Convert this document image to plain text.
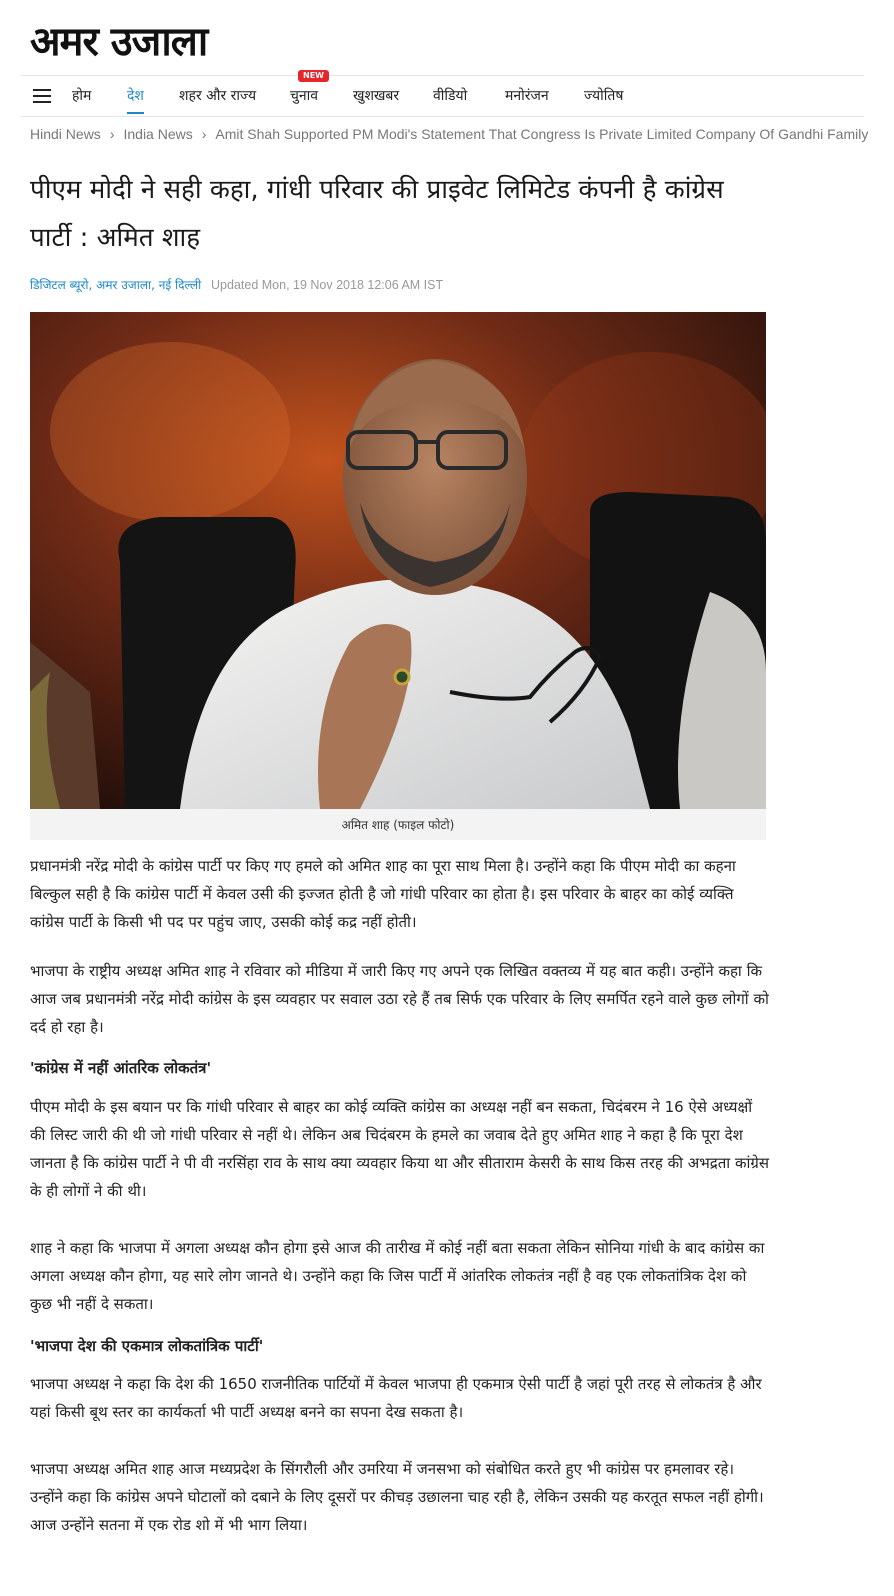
अमर उजाला
होम	देश	शहर और राज्य
NEW
चुनाव खुशखबर वीडियो	मनोरंजन	ज्योतिष
Hindi News › India News › Amit Shah Supported PM Modi's Statement That Congress Is Private Limited Company Of Gandhi Family
पीएम मोदी ने सही कहा, गांधी परिवार की प्राइवेट लिमिटेड कंपनी है कांग्रेस पार्टी : अमित शाह
डिजिटल ब्यूरो, अमर उजाला, नई दिल्ली Updated Mon, 19 Nov 2018 12:06 AM IST
अमित शाह (फाइल फोटो)

प्रधानमंत्री नरेंद्र मोदी के कांग्रेस पार्टी पर किए गए हमले को अमित शाह का पूरा साथ मिला है। उन्होंने कहा कि पीएम मोदी का कहना बिल्कुल सही है कि कांग्रेस पार्टी में केवल उसी की इज्जत होती है जो गांधी परिवार का होता है। इस परिवार के बाहर का कोई व्यक्ति कांग्रेस पार्टी के किसी भी पद पर पहुंच जाए, उसकी कोई कद्र नहीं होती।

भाजपा के राष्ट्रीय अध्यक्ष अमित शाह ने रविवार को मीडिया में जारी किए गए अपने एक लिखित वक्तव्य में यह बात कही। उन्होंने कहा कि आज जब प्रधानमंत्री नरेंद्र मोदी कांग्रेस के इस व्यवहार पर सवाल उठा रहे हैं तब सिर्फ एक परिवार के लिए समर्पित रहने वाले कुछ लोगों को दर्द हो रहा है।

'कांग्रेस में नहीं आंतरिक लोकतंत्र'

पीएम मोदी के इस बयान पर कि गांधी परिवार से बाहर का कोई व्यक्ति कांग्रेस का अध्यक्ष नहीं बन सकता, चिदंबरम ने 16 ऐसे अध्यक्षों की लिस्ट जारी की थी जो गांधी परिवार से नहीं थे। लेकिन अब चिदंबरम के हमले का जवाब देते हुए अमित शाह ने कहा है कि पूरा देश जानता है कि कांग्रेस पार्टी ने पी वी नरसिंहा राव के साथ क्या व्यवहार किया था और सीताराम केसरी के साथ किस तरह की अभद्रता कांग्रेस के ही लोगों ने की थी।

शाह ने कहा कि भाजपा में अगला अध्यक्ष कौन होगा इसे आज की तारीख में कोई नहीं बता सकता लेकिन सोनिया गांधी के बाद कांग्रेस का अगला अध्यक्ष कौन होगा, यह सारे लोग जानते थे। उन्होंने कहा कि जिस पार्टी में आंतरिक लोकतंत्र नहीं है वह एक लोकतांत्रिक देश को कुछ भी नहीं दे सकता।

'भाजपा देश की एकमात्र लोकतांत्रिक पार्टी'

भाजपा अध्यक्ष ने कहा कि देश की 1650 राजनीतिक पार्टियों में केवल भाजपा ही एकमात्र ऐसी पार्टी है जहां पूरी तरह से लोकतंत्र है और यहां किसी बूथ स्तर का कार्यकर्ता भी पार्टी अध्यक्ष बनने का सपना देख सकता है।

भाजपा अध्यक्ष अमित शाह आज मध्यप्रदेश के सिंगरौली और उमरिया में जनसभा को संबोधित करते हुए भी कांग्रेस पर हमलावर रहे। उन्होंने कहा कि कांग्रेस अपने घोटालों को दबाने के लिए दूसरों पर कीचड़ उछालना चाह रही है, लेकिन उसकी यह करतूत सफल नहीं होगी। आज उन्होंने सतना में एक रोड शो में भी भाग लिया।
